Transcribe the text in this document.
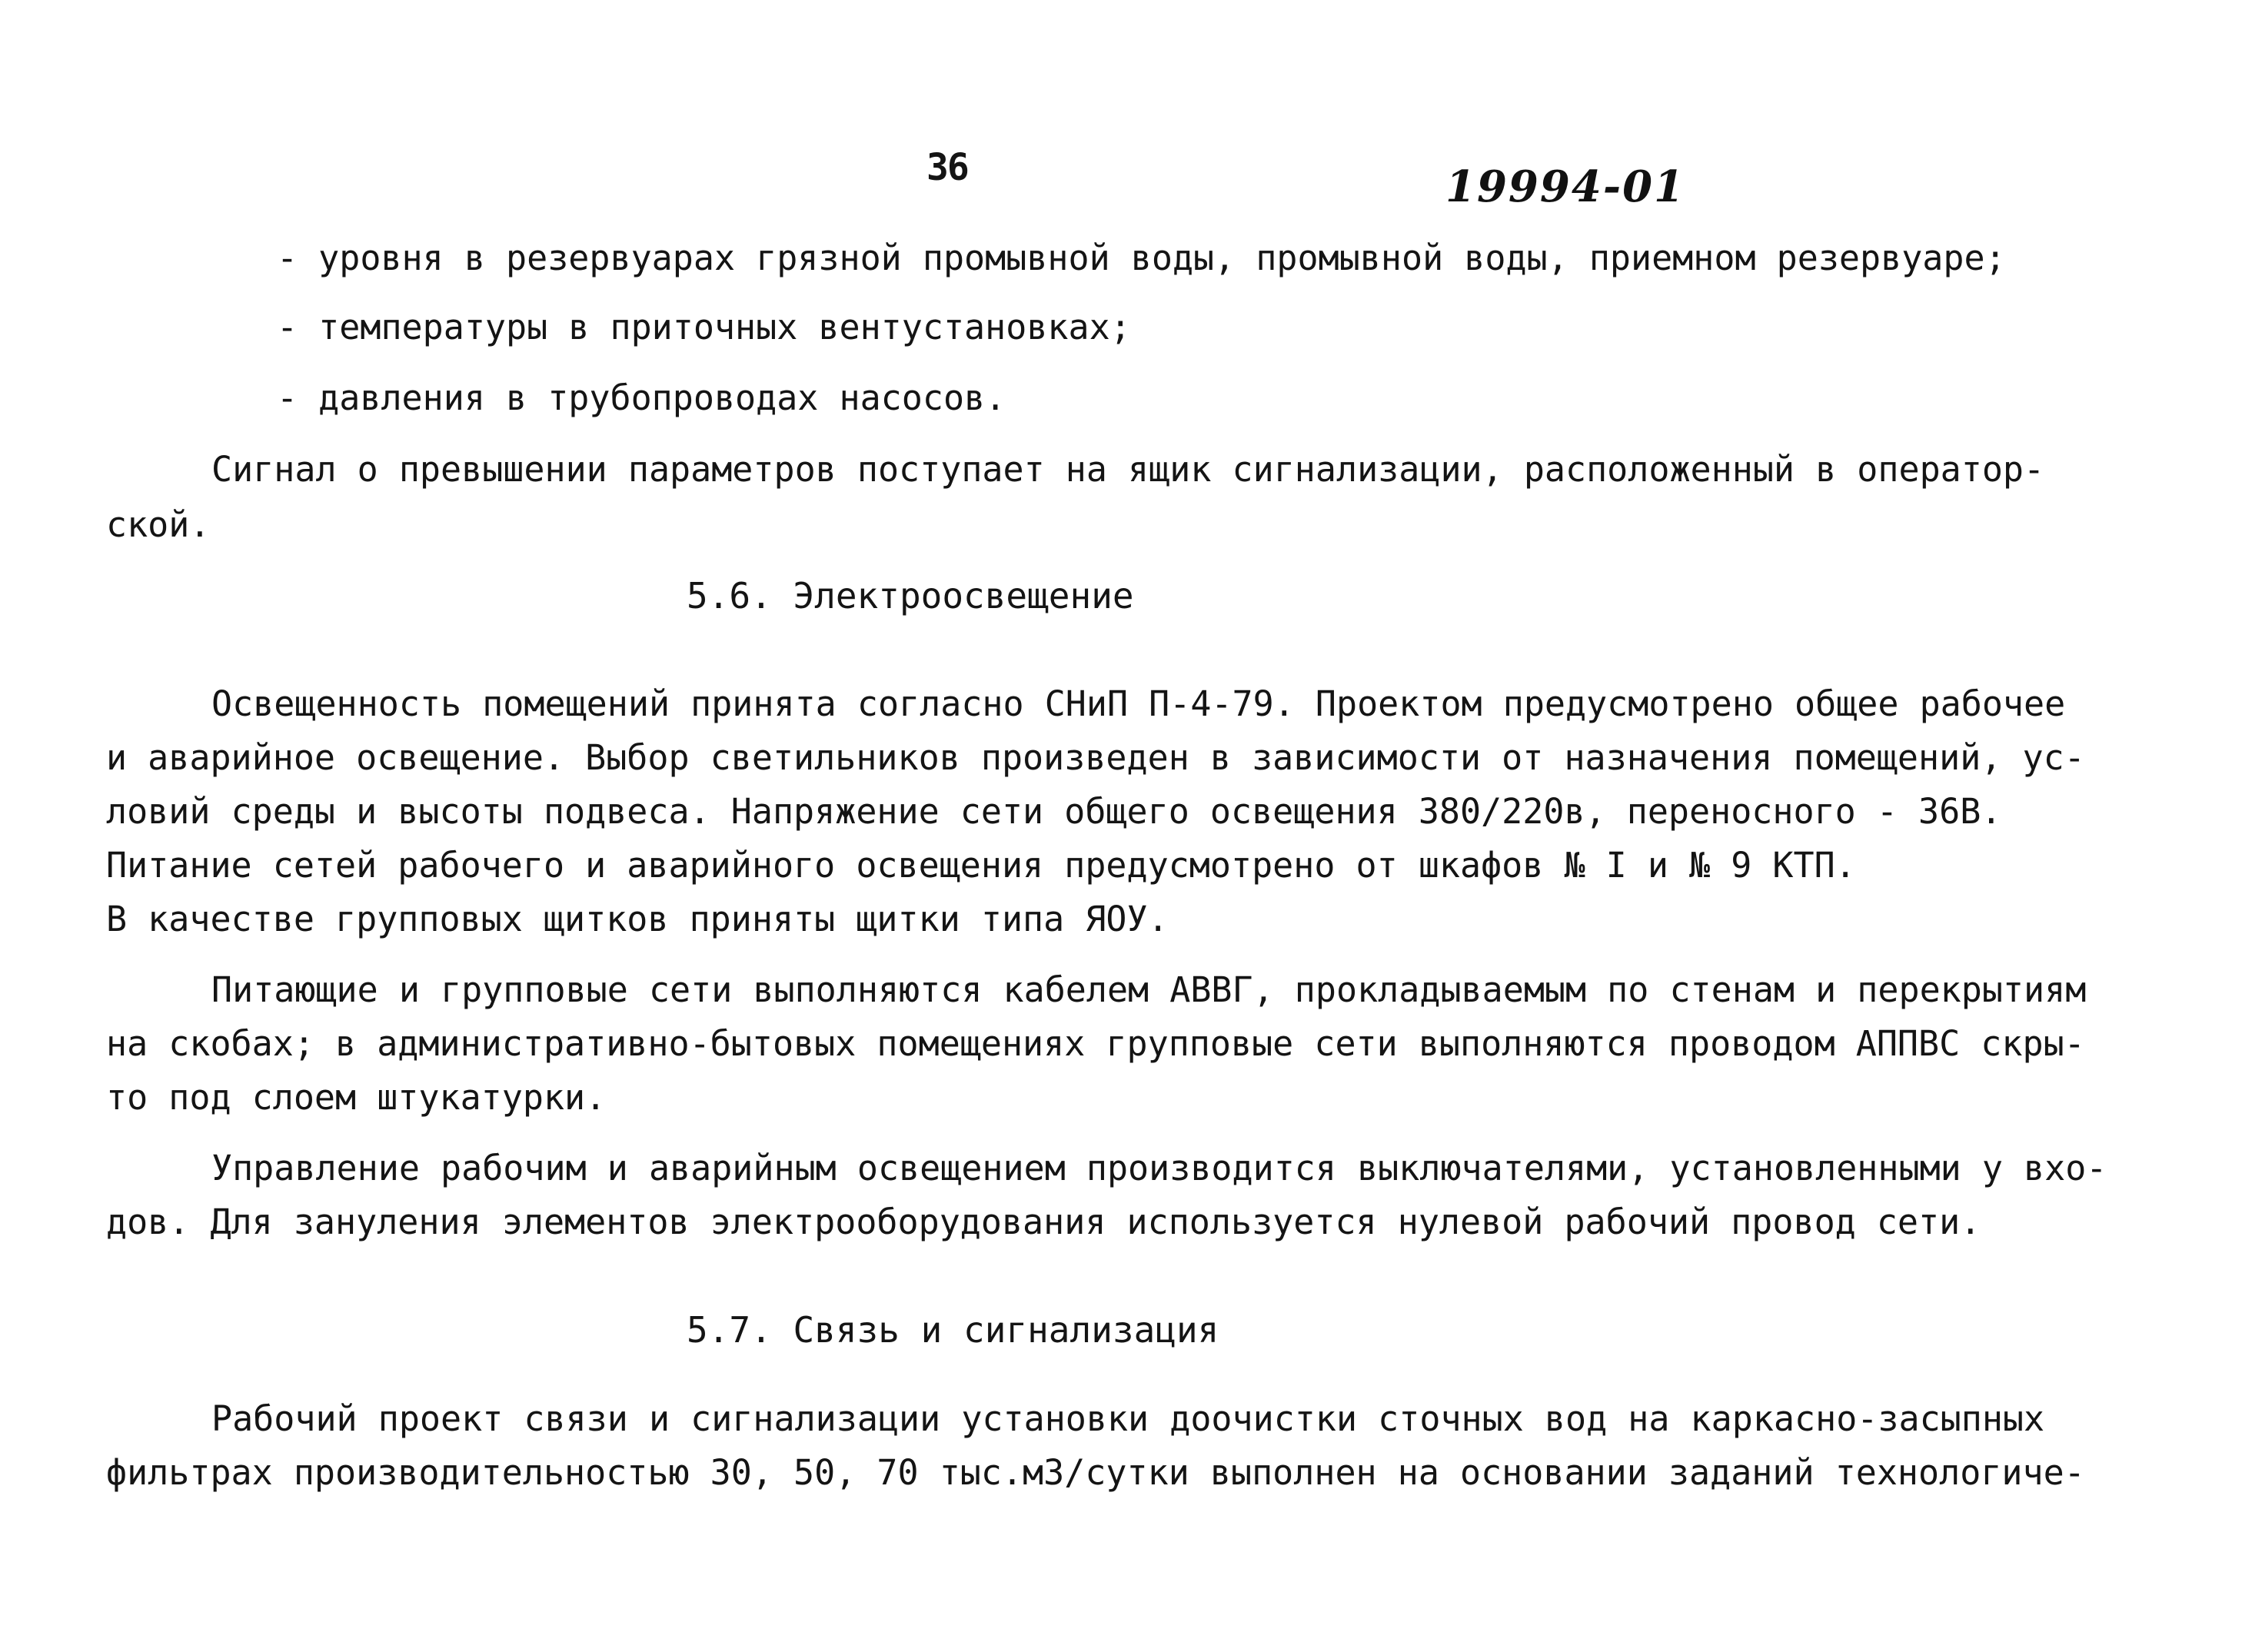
36	19994-01
- уровня в резервуарах грязной промывной воды, промывной воды, приемном резервуаре;
- температуры в приточных вентустановках;
- давления в трубопроводах насосов.
Сигнал о превышении параметров поступает на ящик сигнализации, расположенный в оператор-
ской.
5.6. Электроосвещение
Освещенность помещений принята согласно СНиП П-4-79. Проектом предусмотрено общее рабочее
и аварийное освещение. Выбор светильников произведен в зависимости от назначения помещений, ус-
ловий среды и высоты подвеса. Напряжение сети общего освещения 380/220в, переносного - 36В.
Питание сетей рабочего и аварийного освещения предусмотрено от шкафов № I и № 9 КТП.
В качестве групповых щитков приняты щитки типа ЯОУ.
Питающие и групповые сети выполняются кабелем АВВГ, прокладываемым по стенам и перекрытиям
на скобах; в административно-бытовых помещениях групповые сети выполняются проводом АППВС скры-
то под слоем штукатурки.
Управление рабочим и аварийным освещением производится выключателями, установленными у вхо-
дов. Для зануления элементов электрооборудования используется нулевой рабочий провод сети.
5.7. Связь и сигнализация
Рабочий проект связи и сигнализации установки доочистки сточных вод на каркасно-засыпных
фильтрах производительностью 30, 50, 70 тыс.м3/сутки выполнен на основании заданий технологиче-
